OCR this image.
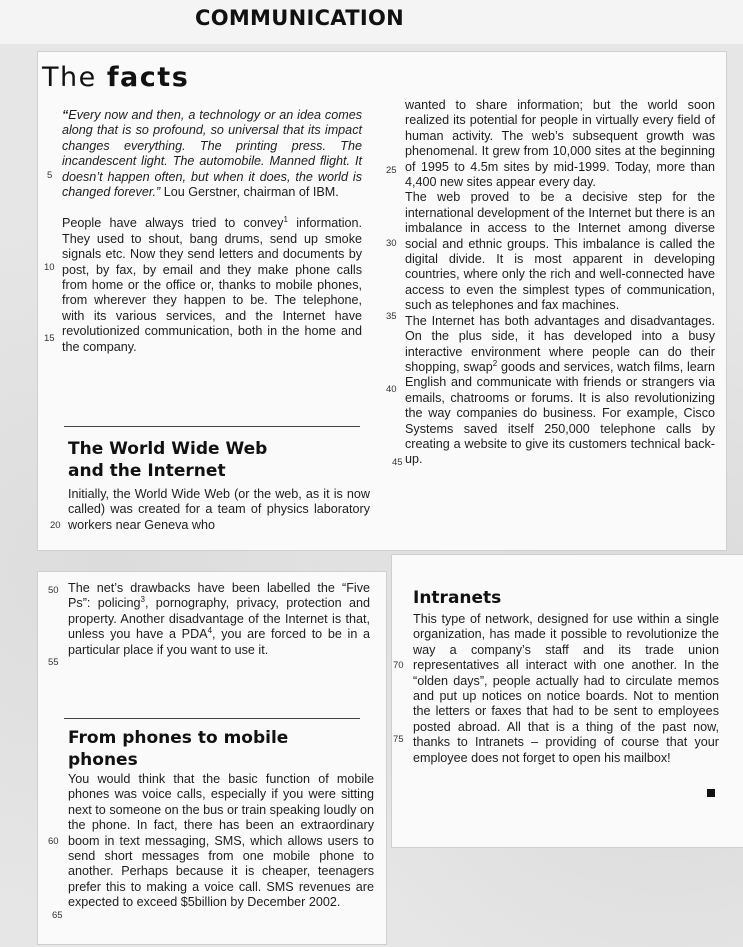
COMMUNICATION
The facts

“Every now and then, a technology or an idea comes along that is so profound, so universal that its impact changes everything. The printing press. The incandescent light. The automobile. Manned flight. It doesn’t happen often, but when it does, the world is changed forever.” Lou Gerstner, chairman of IBM.

People have always tried to convey$^1$ information. They used to shout, bang drums, send up smoke signals etc. Now they send letters and documents by post, by fax, by email and they make phone calls from home or the office or, thanks to mobile phones, from wherever they happen to be. The telephone, with its various services, and the Internet have revolutionized communication, both in the home and the company.

The World Wide Web
and the Internet

Initially, the World Wide Web (or the web, as it is now called) was created for a team of physics laboratory workers near Geneva who

wanted to share information; but the world soon realized its potential for people in virtually every field of human activity. The web’s subsequent growth was phenomenal. It grew from 10,000 sites at the beginning of 1995 to 4.5m sites by mid-1999. Today, more than 4,400 new sites appear every day.

The web proved to be a decisive step for the international development of the Internet but there is an imbalance in access to the Internet among diverse social and ethnic groups. This imbalance is called the digital divide. It is most apparent in developing countries, where only the rich and well-connected have access to even the simplest types of communication, such as telephones and fax machines.

The Internet has both advantages and disadvantages. On the plus side, it has developed into a busy interactive environment where people can do their shopping, swap$^2$ goods and services, watch films, learn English and communicate with friends or strangers via emails, chatrooms or forums. It is also revolutionizing the way companies do business. For example, Cisco Systems saved itself 250,000 telephone calls by creating a website to give its customers technical back-up.

The net’s drawbacks have been labelled the “Five Ps”: policing$^3$, pornography, privacy, protection and property. Another disadvantage of the Internet is that, unless you have a PDA$^4$, you are forced to be in a particular place if you want to use it.

From phones to mobile
phones

You would think that the basic function of mobile phones was voice calls, especially if you were sitting next to someone on the bus or train speaking loudly on the phone. In fact, there has been an extraordinary boom in text messaging, SMS, which allows users to send short messages from one mobile phone to another. Perhaps because it is cheaper, teenagers prefer this to making a voice call. SMS revenues are expected to exceed $5billion by December 2002.

Intranets

This type of network, designed for use within a single organization, has made it possible to revolutionize the way a company’s staff and its trade union representatives all interact with one another. In the “olden days”, people actually had to circulate memos and put up notices on notice boards. Not to mention the letters or faxes that had to be sent to employees posted abroad. All that is a thing of the past now, thanks to Intranets – providing of course that your employee does not forget to open his mailbox!

5
10
15
20
25
30
35
40
45
50
55
60
65
70
75
